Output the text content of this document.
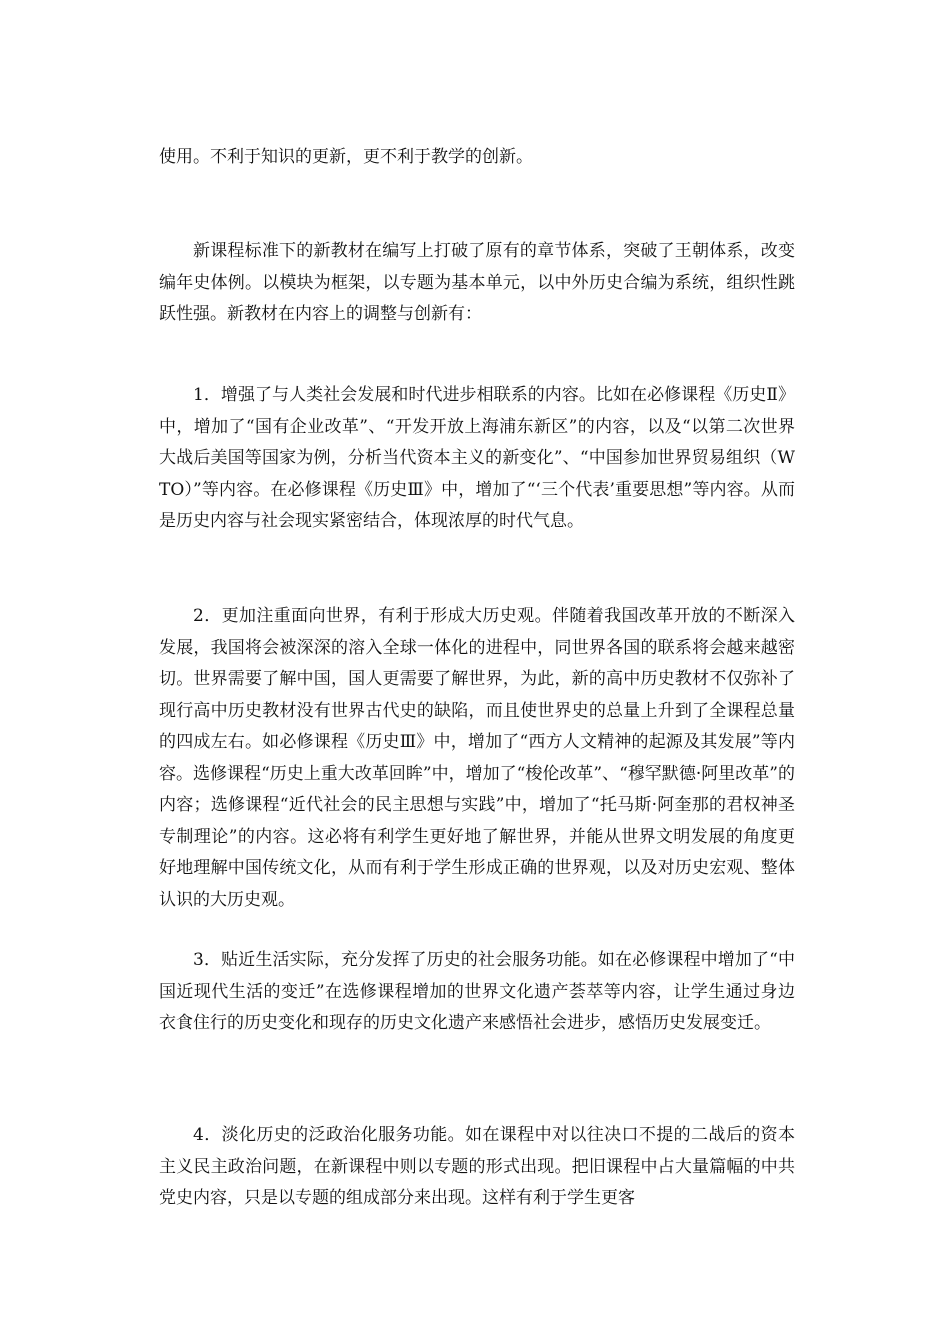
使用。不利于知识的更新，更不利于教学的创新。

新课程标准下的新教材在编写上打破了原有的章节体系，突破了王朝体系，改变编年史体例。以模块为框架，以专题为基本单元，以中外历史合编为系统，组织性跳跃性强。新教材在内容上的调整与创新有：

1．增强了与人类社会发展和时代进步相联系的内容。比如在必修课程《历史Ⅱ》中，增加了“国有企业改革”、“开发开放上海浦东新区”的内容，以及“以第二次世界大战后美国等国家为例，分析当代资本主义的新变化”、“中国参加世界贸易组织（WTO）”等内容。在必修课程《历史Ⅲ》中，增加了“‘三个代表’重要思想”等内容。从而是历史内容与社会现实紧密结合，体现浓厚的时代气息。

2．更加注重面向世界，有利于形成大历史观。伴随着我国改革开放的不断深入发展，我国将会被深深的溶入全球一体化的进程中，同世界各国的联系将会越来越密切。世界需要了解中国，国人更需要了解世界，为此，新的高中历史教材不仅弥补了现行高中历史教材没有世界古代史的缺陷，而且使世界史的总量上升到了全课程总量的四成左右。如必修课程《历史Ⅲ》中，增加了“西方人文精神的起源及其发展”等内容。选修课程“历史上重大改革回眸”中，增加了“梭伦改革”、“穆罕默德·阿里改革”的内容；选修课程“近代社会的民主思想与实践”中，增加了“托马斯·阿奎那的君权神圣专制理论”的内容。这必将有利学生更好地了解世界，并能从世界文明发展的角度更好地理解中国传统文化，从而有利于学生形成正确的世界观，以及对历史宏观、整体认识的大历史观。

3．贴近生活实际，充分发挥了历史的社会服务功能。如在必修课程中增加了“中国近现代生活的变迁”在选修课程增加的世界文化遗产荟萃等内容，让学生通过身边衣食住行的历史变化和现存的历史文化遗产来感悟社会进步，感悟历史发展变迁。

4．淡化历史的泛政治化服务功能。如在课程中对以往决口不提的二战后的资本主义民主政治问题，在新课程中则以专题的形式出现。把旧课程中占大量篇幅的中共党史内容，只是以专题的组成部分来出现。这样有利于学生更客
